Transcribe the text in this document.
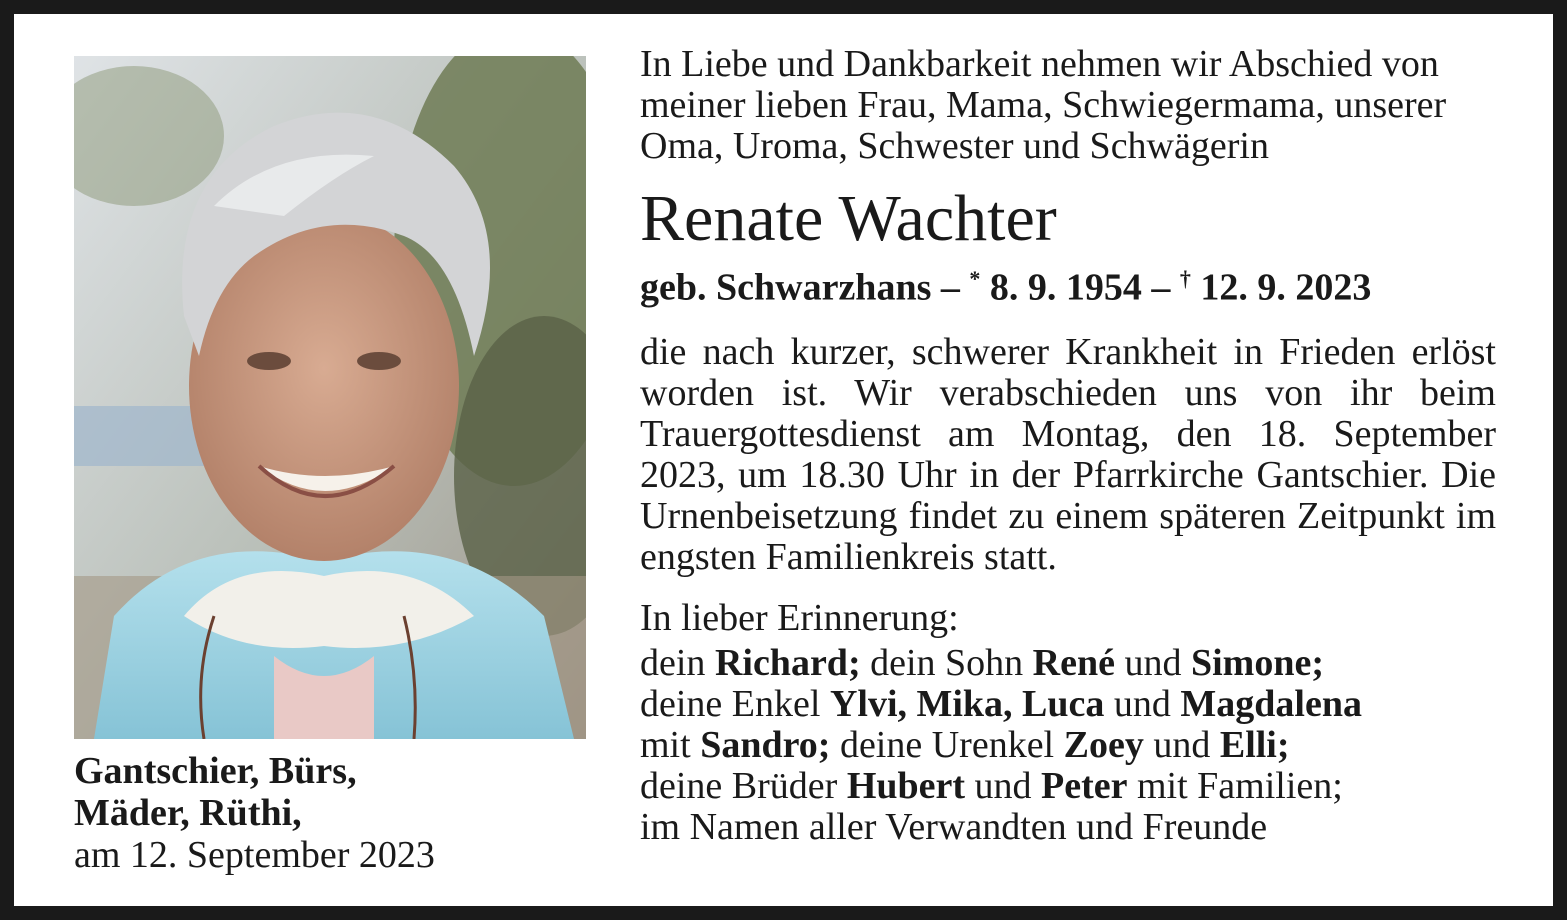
Gantschier, Bürs,
Mäder, Rüthi,
am 12. September 2023

In Liebe und Dankbarkeit nehmen wir Abschied von meiner lieben Frau, Mama, Schwiegermama, unserer Oma, Uroma, Schwester und Schwägerin

Renate Wachter

geb. Schwarzhans – * 8. 9. 1954 – † 12. 9. 2023

die nach kurzer, schwerer Krankheit in Frieden erlöst worden ist. Wir verabschieden uns von ihr beim Trauergottesdienst am Montag, den 18. September 2023, um 18.30 Uhr in der Pfarrkirche Gantschier. Die Urnenbeisetzung findet zu einem späteren Zeitpunkt im engsten Familienkreis statt.

In lieber Erinnerung:

dein Richard; dein Sohn René und Simone;
deine Enkel Ylvi, Mika, Luca und Magdalena
mit Sandro; deine Urenkel Zoey und Elli;
deine Brüder Hubert und Peter mit Familien;
im Namen aller Verwandten und Freunde
